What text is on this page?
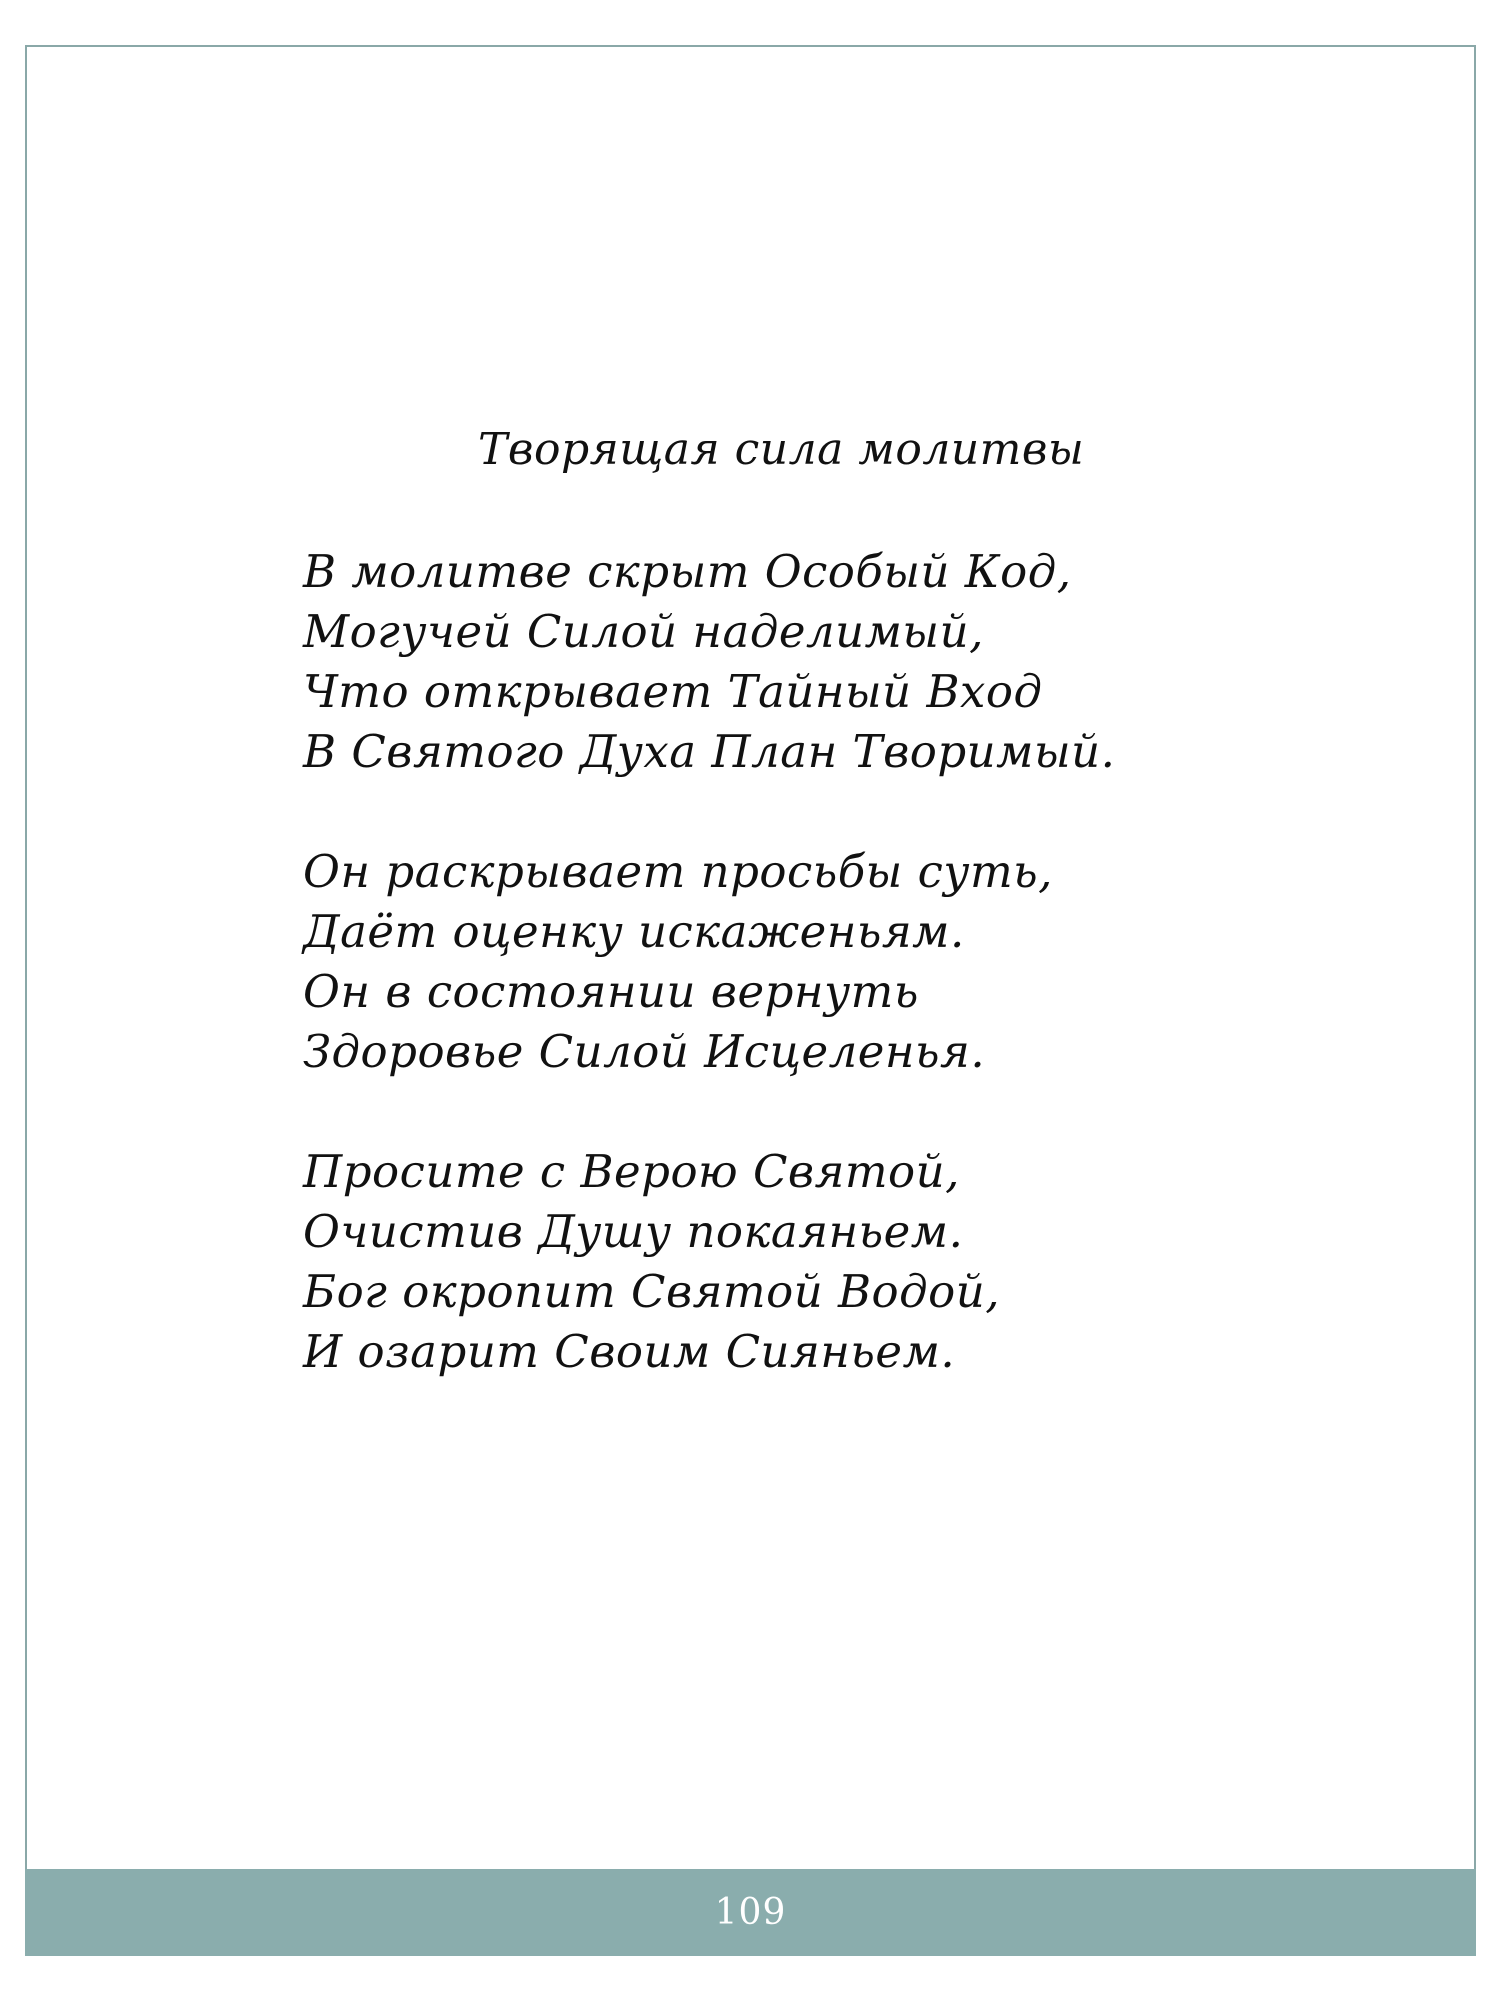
Творящая сила молитвы
В молитве скрыт Особый Код,
Могучей Силой наделимый,
Что открывает Тайный Вход
В Святого Духа План Творимый.
Он раскрывает просьбы суть,
Даёт оценку искаженьям.
Он в состоянии вернуть
Здоровье Силой Исцеленья.
Просите с Верою Святой,
Очистив Душу покаяньем.
Бог окропит Святой Водой,
И озарит Своим Сияньем.
109
